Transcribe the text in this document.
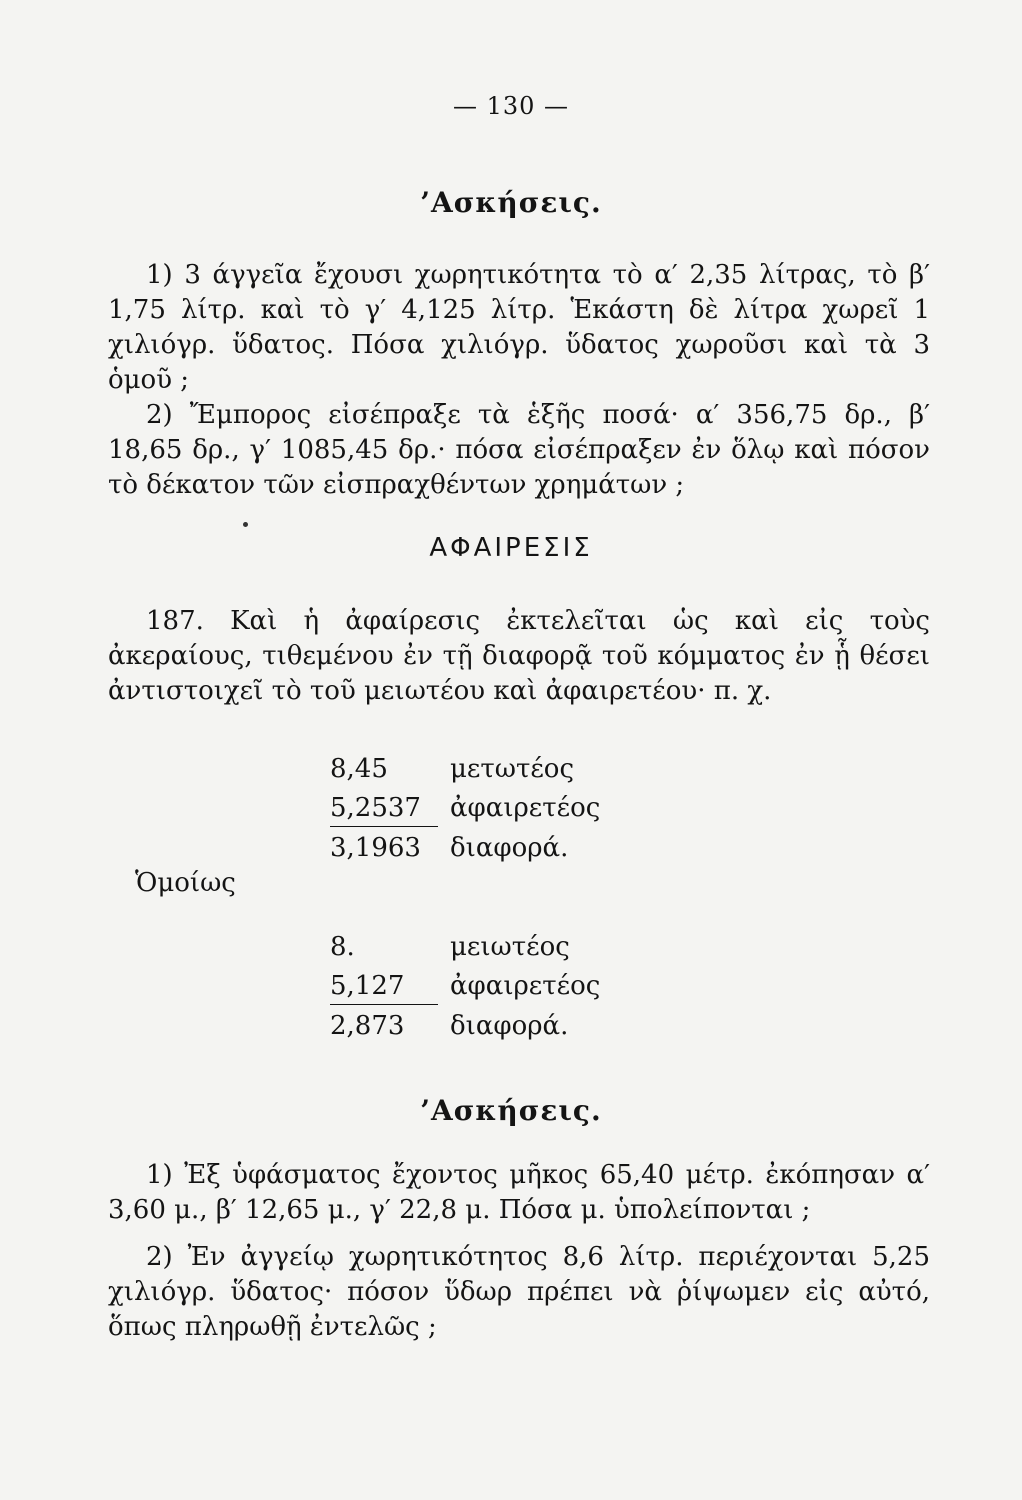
— 130 —
’Ασκήσεις.

1) 3 άγγεῖα ἔχουσι χωρητικότητα τὸ α′ 2,35 λίτρας, τὸ β′ 1,75 λίτρ. καὶ τὸ γ′ 4,125 λίτρ. Ἑκάστη δὲ λίτρα χωρεῖ 1 χιλιόγρ. ὕδατος. Πόσα χιλιόγρ. ὕδατος χωροῦσι καὶ τὰ 3 ὁμοῦ ;

2) Ἔμπορος εἰσέπραξε τὰ ἑξῆς ποσά· α′ 356,75 δρ., β′ 18,65 δρ., γ′ 1085,45 δρ.· πόσα εἰσέπραξεν ἐν ὅλῳ καὶ πόσον τὸ δέκατον τῶν εἰσπραχθέντων χρημάτων ;

ΑΦΑΙΡΕΣΙΣ

187. Καὶ ἡ ἀφαίρεσις ἐκτελεῖται ὡς καὶ εἰς τοὺς ἀκεραίους, τιθεμένου ἐν τῇ διαφορᾷ τοῦ κόμματος ἐν ᾗ θέσει ἀντιστοιχεῖ τὸ τοῦ μειωτέου καὶ ἀφαιρετέου· π. χ.

8,45	μετωτέος
5,2537	ἀφαιρετέος
3,1963	διαφορά.
Ὁμοίως
8.	μειωτέος
5,127	ἀφαιρετέος
2,873	διαφορά.
’Ασκήσεις.

1) Ἐξ ὑφάσματος ἔχοντος μῆκος 65,40 μέτρ. ἐκόπησαν α′ 3,60 μ., β′ 12,65 μ., γ′ 22,8 μ. Πόσα μ. ὑπολείπονται ;

2) Ἐν ἀγγείῳ χωρητικότητος 8,6 λίτρ. περιέχονται 5,25 χιλιόγρ. ὕδατος· πόσον ὕδωρ πρέπει νὰ ῥίψωμεν εἰς αὐτό, ὅπως πληρωθῇ ἐντελῶς ;
